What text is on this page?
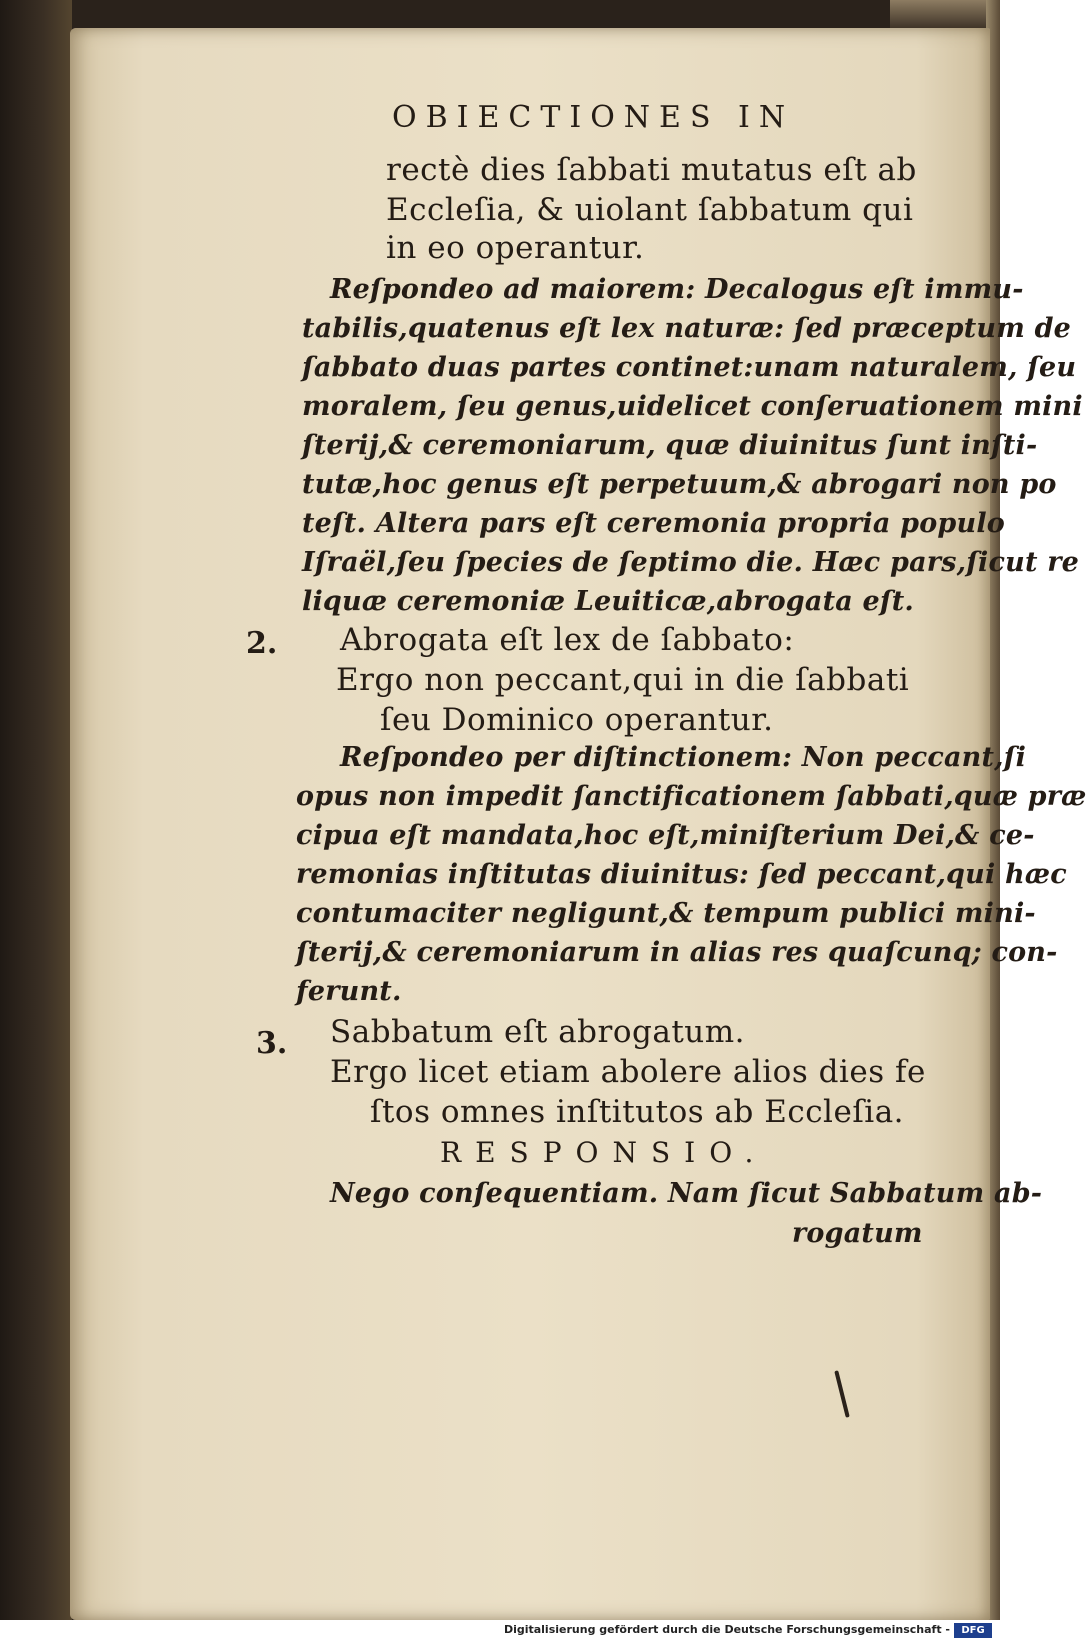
OBIECTIONES IN
rectè dies ſabbati mutatus eſt ab
Eccleſia, & uiolant ſabbatum qui
in eo operantur.
Reſpondeo ad maiorem: Decalogus eſt immu-
tabilis,quatenus eſt lex naturæ: ſed præceptum de
ſabbato duas partes continet:unam naturalem, ſeu
moralem, ſeu genus,uidelicet conſeruationem mini
ſterij,& ceremoniarum, quæ diuinitus ſunt inſti-
tutæ,hoc genus eſt perpetuum,& abrogari non po
teſt. Altera pars eſt ceremonia propria populo
Iſraël,ſeu ſpecies de ſeptimo die. Hæc pars,ſicut re
liquæ ceremoniæ Leuiticæ,abrogata eſt.
2. Abrogata eſt lex de ſabbato:
Ergo non peccant,qui in die ſabbati
ſeu Dominico operantur.
Reſpondeo per diſtinctionem: Non peccant,ſi
opus non impedit ſanctificationem ſabbati,quæ præ
cipua eſt mandata,hoc eſt,miniſterium Dei,& ce-
remonias inſtitutas diuinitus: ſed peccant,qui hæc
contumaciter negligunt,& tempum publici mini-
ſterij,& ceremoniarum in alias res quaſcunq; con-
ferunt.
3. Sabbatum eſt abrogatum.
Ergo licet etiam abolere alios dies fe
ſtos omnes inſtitutos ab Eccleſia.
RESPONSIO.
Nego conſequentiam. Nam ſicut Sabbatum ab-
rogatum
Digitalisierung gefördert durch die Deutsche Forschungsgemeinschaft -	DFG
